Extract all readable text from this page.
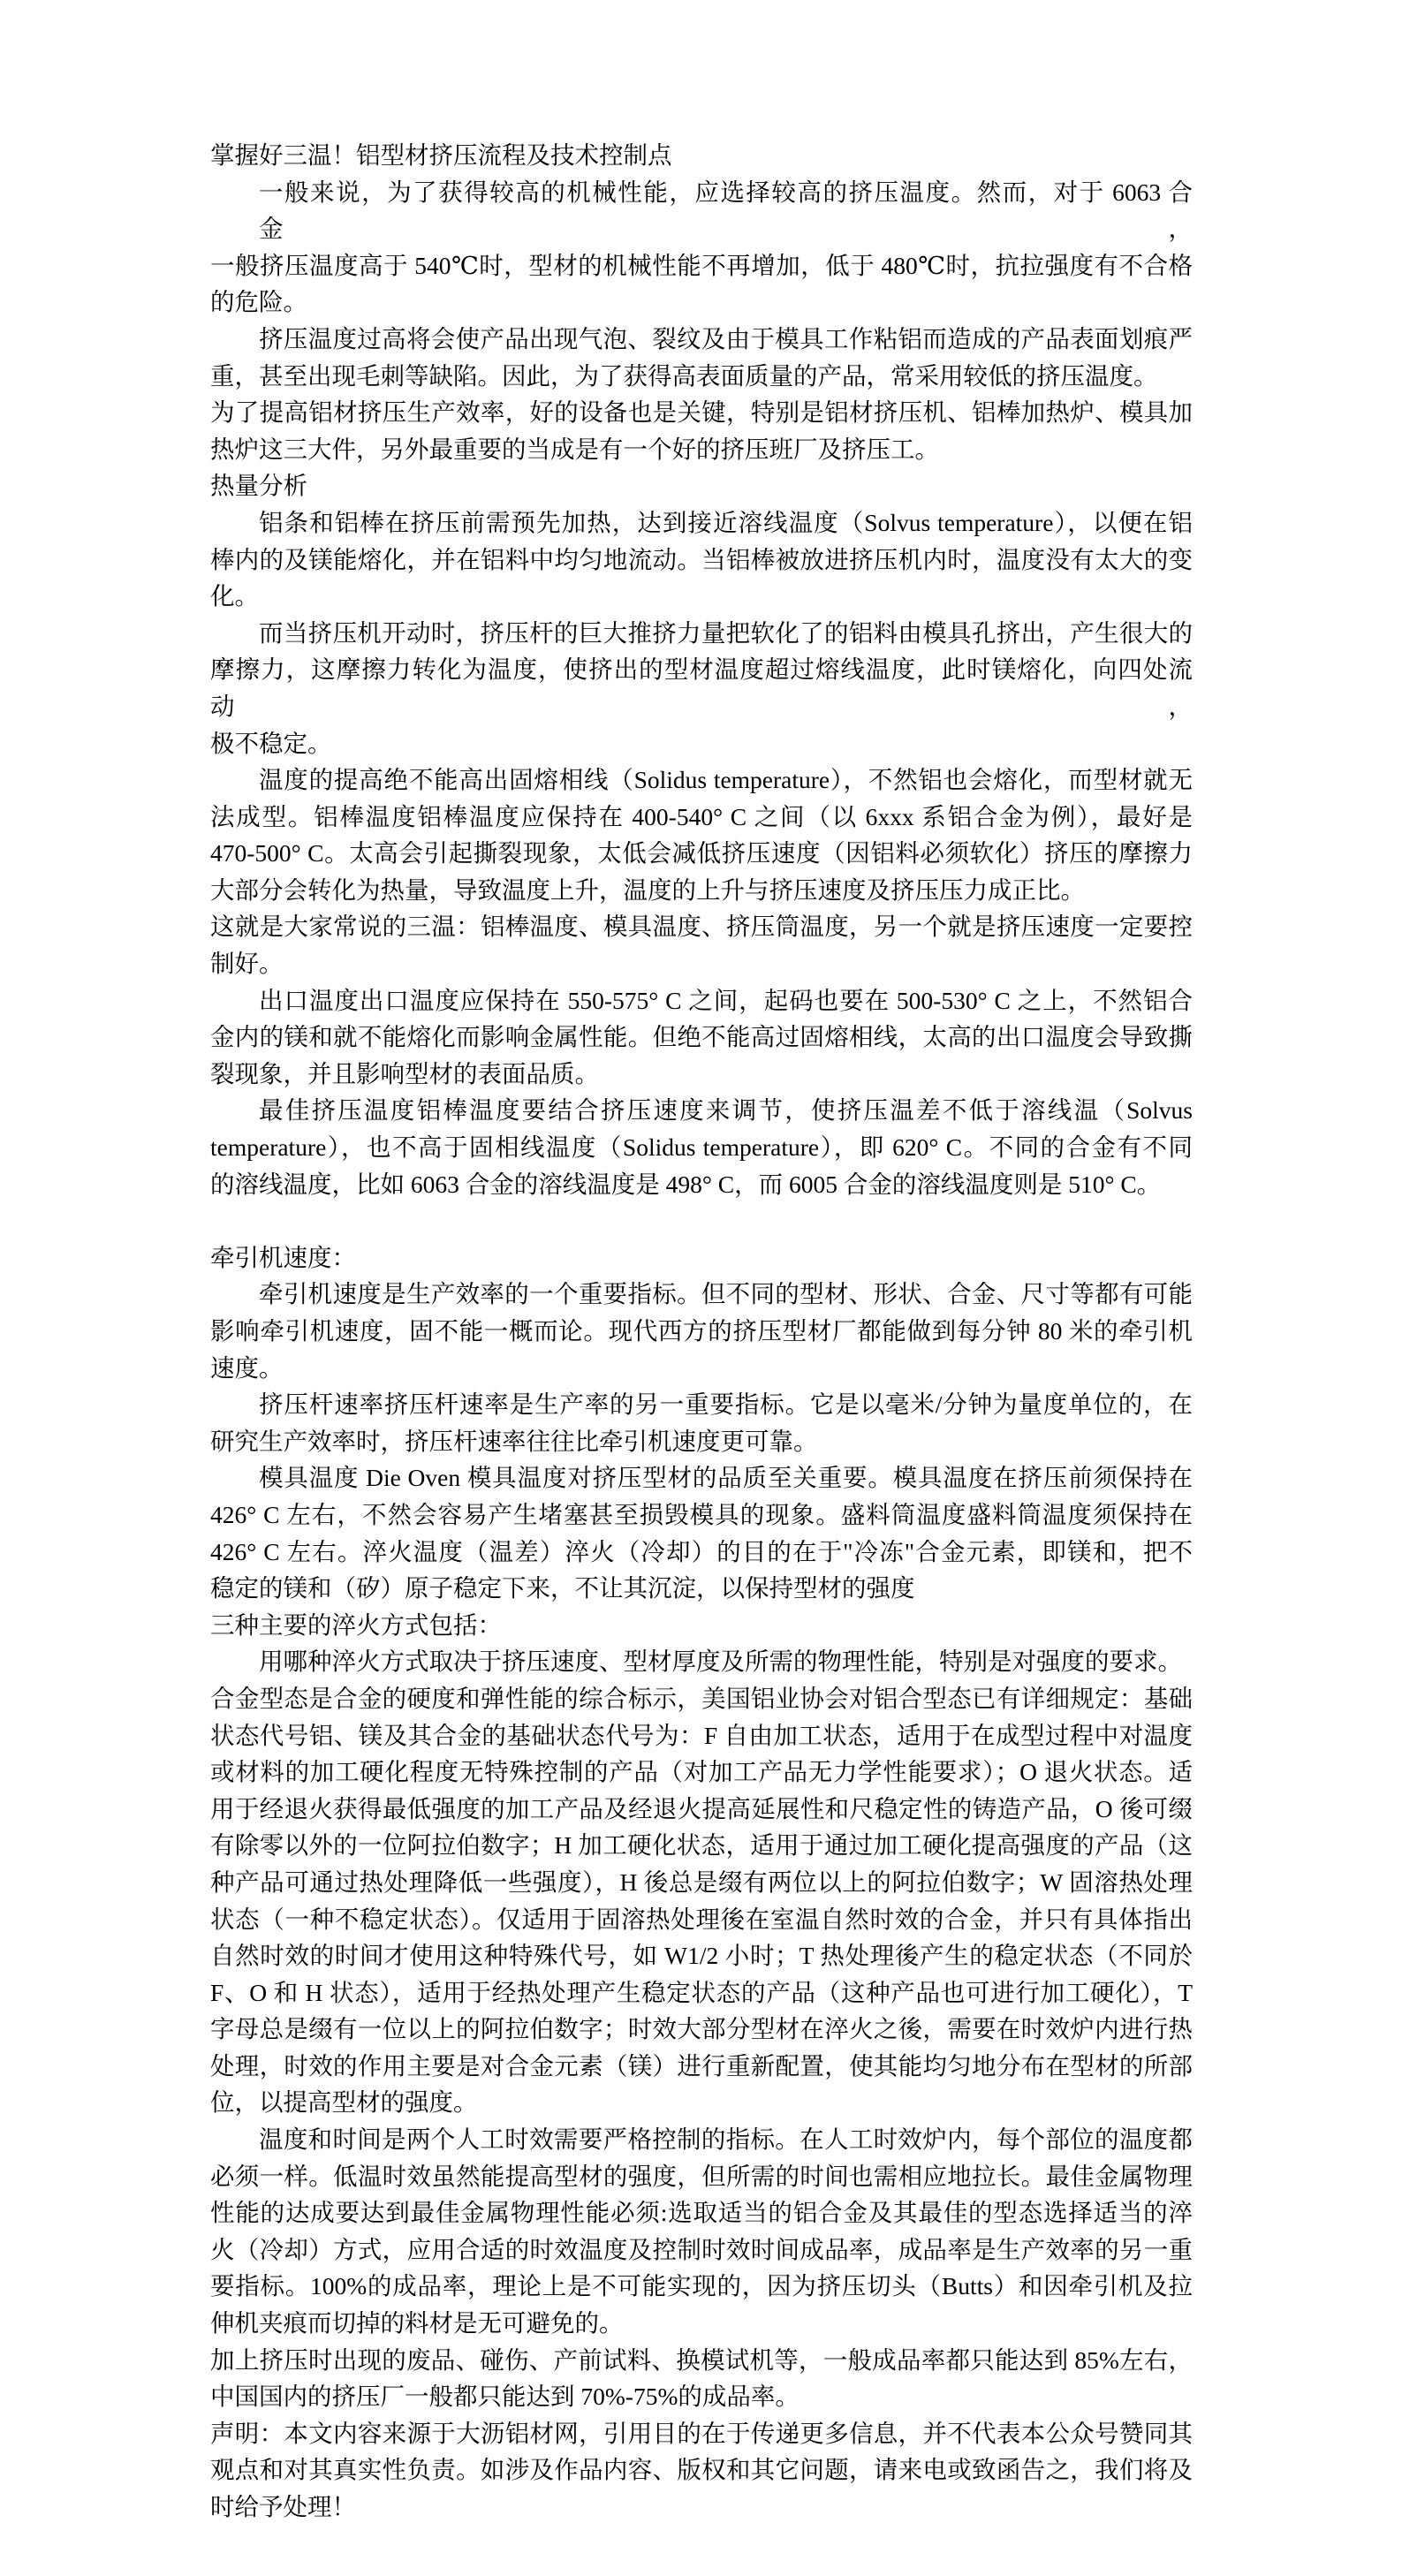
掌握好三温！铝型材挤压流程及技术控制点
一般来说，为了获得较高的机械性能，应选择较高的挤压温度。然而，对于 6063 合金，
一般挤压温度高于 540℃时，型材的机械性能不再增加，低于 480℃时，抗拉强度有不合格
的危险。
挤压温度过高将会使产品出现气泡、裂纹及由于模具工作粘铝而造成的产品表面划痕严
重，甚至出现毛刺等缺陷。因此，为了获得高表面质量的产品，常采用较低的挤压温度。
为了提高铝材挤压生产效率，好的设备也是关键，特别是铝材挤压机、铝棒加热炉、模具加
热炉这三大件，另外最重要的当成是有一个好的挤压班厂及挤压工。
热量分析
铝条和铝棒在挤压前需预先加热，达到接近溶线温度（Solvus temperature），以便在铝
棒内的及镁能熔化，并在铝料中均匀地流动。当铝棒被放进挤压机内时，温度没有太大的变
化。
而当挤压机开动时，挤压杆的巨大推挤力量把软化了的铝料由模具孔挤出，产生很大的
摩擦力，这摩擦力转化为温度，使挤出的型材温度超过熔线温度，此时镁熔化，向四处流动，
极不稳定。
温度的提高绝不能高出固熔相线（Solidus temperature），不然铝也会熔化，而型材就无
法成型。铝棒温度铝棒温度应保持在 400-540° C 之间（以 6xxx 系铝合金为例），最好是
470-500° C。太高会引起撕裂现象，太低会减低挤压速度（因铝料必须软化）挤压的摩擦力
大部分会转化为热量，导致温度上升，温度的上升与挤压速度及挤压压力成正比。
这就是大家常说的三温：铝棒温度、模具温度、挤压筒温度，另一个就是挤压速度一定要控
制好。
出口温度出口温度应保持在 550-575° C 之间，起码也要在 500-530° C 之上，不然铝合
金内的镁和就不能熔化而影响金属性能。但绝不能高过固熔相线，太高的出口温度会导致撕
裂现象，并且影响型材的表面品质。
最佳挤压温度铝棒温度要结合挤压速度来调节，使挤压温差不低于溶线温（Solvus
temperature），也不高于固相线温度（Solidus temperature），即 620° C。不同的合金有不同
的溶线温度，比如 6063 合金的溶线温度是 498° C，而 6005 合金的溶线温度则是 510° C。
牵引机速度：
牵引机速度是生产效率的一个重要指标。但不同的型材、形状、合金、尺寸等都有可能
影响牵引机速度，固不能一概而论。现代西方的挤压型材厂都能做到每分钟 80 米的牵引机
速度。
挤压杆速率挤压杆速率是生产率的另一重要指标。它是以毫米/分钟为量度单位的，在
研究生产效率时，挤压杆速率往往比牵引机速度更可靠。
模具温度 Die Oven 模具温度对挤压型材的品质至关重要。模具温度在挤压前须保持在
426° C 左右，不然会容易产生堵塞甚至损毁模具的现象。盛料筒温度盛料筒温度须保持在
426° C 左右。淬火温度（温差）淬火（冷却）的目的在于"冷冻"合金元素，即镁和，把不
稳定的镁和（矽）原子稳定下来，不让其沉淀，以保持型材的强度
三种主要的淬火方式包括：
用哪种淬火方式取决于挤压速度、型材厚度及所需的物理性能，特别是对强度的要求。
合金型态是合金的硬度和弹性能的综合标示，美国铝业协会对铝合型态已有详细规定：基础
状态代号铝、镁及其合金的基础状态代号为：F 自由加工状态，适用于在成型过程中对温度
或材料的加工硬化程度无特殊控制的产品（对加工产品无力学性能要求）；O 退火状态。适
用于经退火获得最低强度的加工产品及经退火提高延展性和尺稳定性的铸造产品，O 後可缀
有除零以外的一位阿拉伯数字；H 加工硬化状态，适用于通过加工硬化提高强度的产品（这
种产品可通过热处理降低一些强度），H 後总是缀有两位以上的阿拉伯数字；W 固溶热处理
状态（一种不稳定状态）。仅适用于固溶热处理後在室温自然时效的合金，并只有具体指出
自然时效的时间才使用这种特殊代号，如 W1/2 小时；T 热处理後产生的稳定状态（不同於
F、O 和 H 状态），适用于经热处理产生稳定状态的产品（这种产品也可进行加工硬化），T
字母总是缀有一位以上的阿拉伯数字；时效大部分型材在淬火之後，需要在时效炉内进行热
处理，时效的作用主要是对合金元素（镁）进行重新配置，使其能均匀地分布在型材的所部
位，以提高型材的强度。
温度和时间是两个人工时效需要严格控制的指标。在人工时效炉内，每个部位的温度都
必须一样。低温时效虽然能提高型材的强度，但所需的时间也需相应地拉长。最佳金属物理
性能的达成要达到最佳金属物理性能必须:选取适当的铝合金及其最佳的型态选择适当的淬
火（冷却）方式，应用合适的时效温度及控制时效时间成品率，成品率是生产效率的另一重
要指标。100%的成品率，理论上是不可能实现的，因为挤压切头（Butts）和因牵引机及拉
伸机夹痕而切掉的料材是无可避免的。
加上挤压时出现的废品、碰伤、产前试料、换模试机等，一般成品率都只能达到 85%左右，
中国国内的挤压厂一般都只能达到 70%-75%的成品率。
声明：本文内容来源于大沥铝材网，引用目的在于传递更多信息，并不代表本公众号赞同其
观点和对其真实性负责。如涉及作品内容、版权和其它问题，请来电或致函告之，我们将及
时给予处理！
